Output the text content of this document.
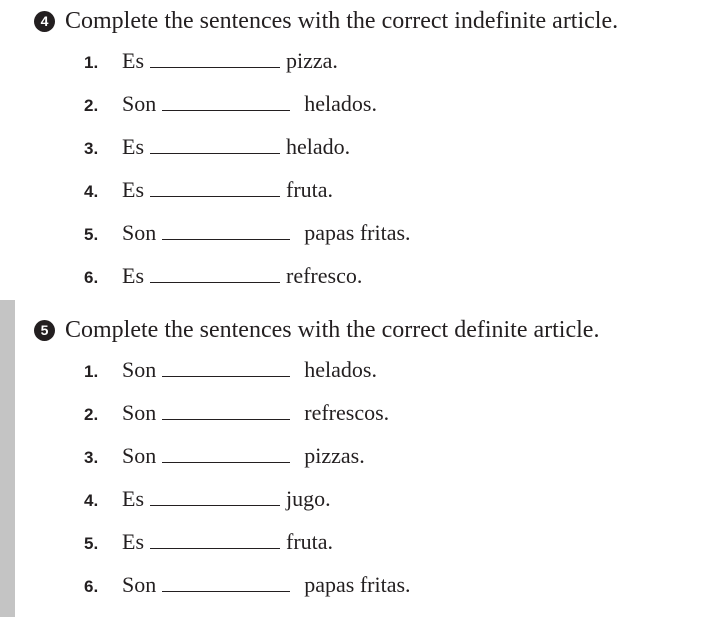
4 Complete the sentences with the correct indefinite article.
1.	Es	pizza.
2.	Son	helados.
3.	Es	helado.
4.	Es	fruta.
5.	Son	papas fritas.
6.	Es	refresco.
5 Complete the sentences with the correct definite article.
1.	Son	helados.
2.	Son	refrescos.
3.	Son	pizzas.
4.	Es	jugo.
5.	Es	fruta.
6.	Son	papas fritas.
